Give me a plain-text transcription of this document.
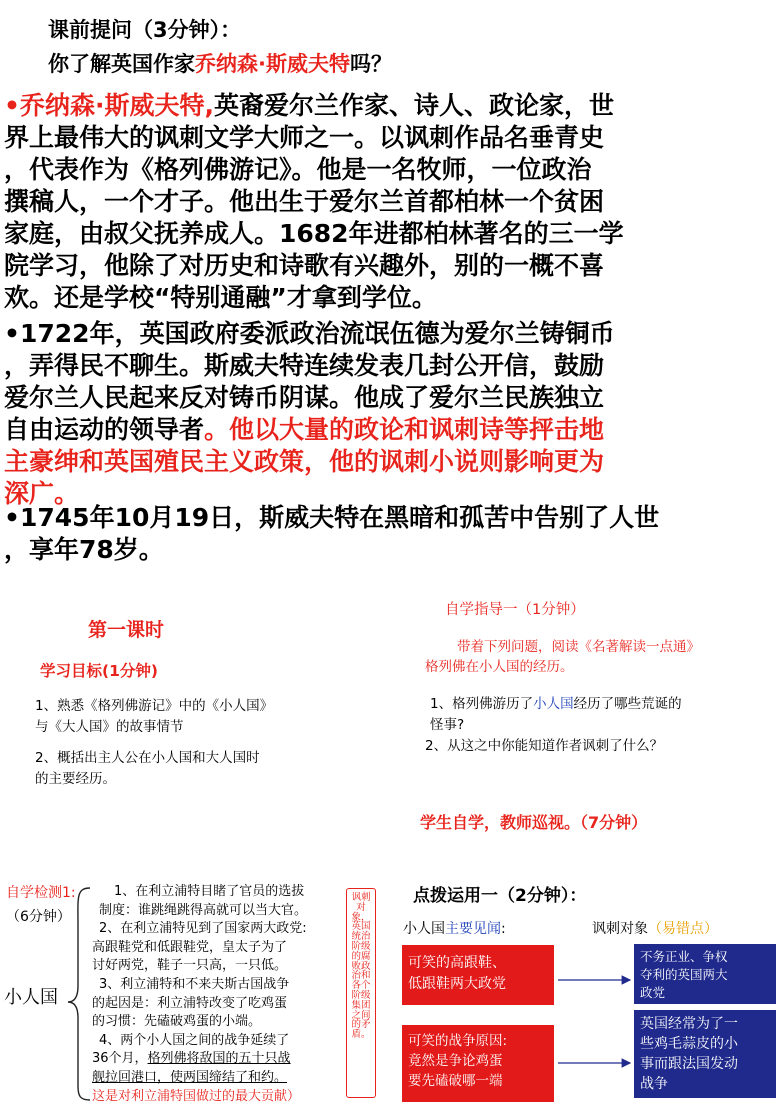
课前提问（3分钟）：
你了解英国作家乔纳森·斯威夫特吗？
•乔纳森·斯威夫特,英裔爱尔兰作家、诗人、政论家，世
界上最伟大的讽刺文学大师之一。以讽刺作品名垂青史
，代表作为《格列佛游记》。他是一名牧师，一位政治
撰稿人，一个才子。他出生于爱尔兰首都柏林一个贫困
家庭，由叔父抚养成人。1682年进都柏林著名的三一学
院学习，他除了对历史和诗歌有兴趣外，别的一概不喜
欢。还是学校“特别通融”才拿到学位。
•1722年，英国政府委派政治流氓伍德为爱尔兰铸铜币
，弄得民不聊生。斯威夫特连续发表几封公开信，鼓励
爱尔兰人民起来反对铸币阴谋。他成了爱尔兰民族独立
自由运动的领导者。他以大量的政论和讽刺诗等抨击地
主豪绅和英国殖民主义政策，他的讽刺小说则影响更为
深广。
•1745年10月19日，斯威夫特在黑暗和孤苦中告别了人世
，享年78岁。
第一课时
学习目标(1分钟)
1、熟悉《格列佛游记》中的《小人国》
与《大人国》的故事情节
2、概括出主人公在小人国和大人国时
的主要经历。
自学指导一（1分钟）
带着下列问题，阅读《名著解读一点通》
格列佛在小人国的经历。
1、格列佛游历了小人国经历了哪些荒诞的
怪事?
2、从这之中你能知道作者讽刺了什么？
学生自学，教师巡视。（7分钟）
自学检测1:
（6分钟）
小人国
1、在利立浦特目睹了官员的选拔
制度：谁跳绳跳得高就可以当大官。
2、在利立浦特见到了国家两大政党:
高跟鞋党和低跟鞋党，皇太子为了
讨好两党，鞋子一只高，一只低。
3、利立浦特和不来夫斯古国战争
的起因是：利立浦特改变了吃鸡蛋
的习惯：先磕破鸡蛋的小端。
4、两个小人国之间的战争延续了
36个月，格列佛将敌国的五十只战
舰拉回港口，使两国缔结了和约。
这是对利立浦特国做过的最大贡献）
讽刺对象，英国统治阶级的腐败政治和各个阶级集团之间的矛盾。
点拨运用一（2分钟）：
小人国主要见闻:	讽刺对象（易错点）
可笑的高跟鞋、
低跟鞋两大政党
可笑的战争原因:
竟然是争论鸡蛋
要先磕破哪一端
不务正业、争权
夺利的英国两大
政党
英国经常为了一
些鸡毛蒜皮的小
事而跟法国发动
战争
